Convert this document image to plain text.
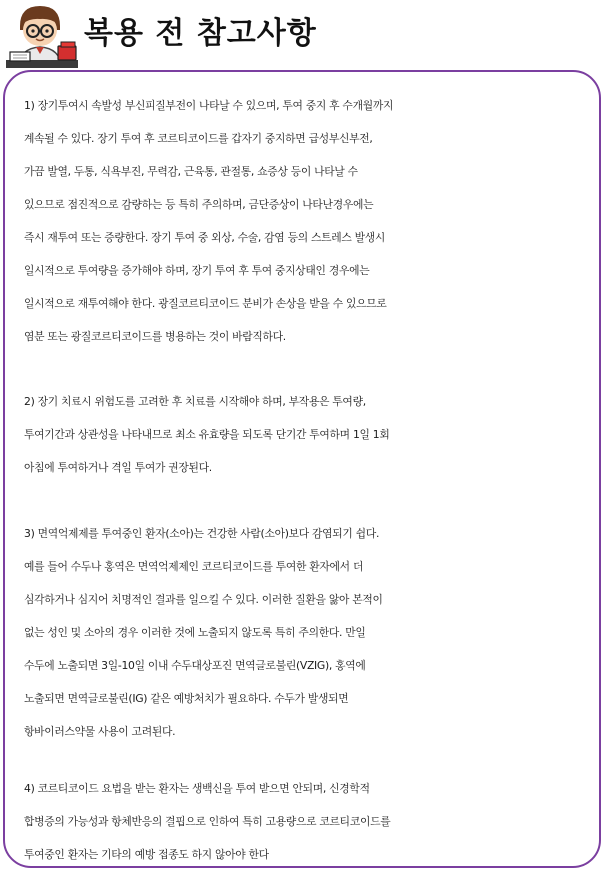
복용 전 참고사항

1) 장기투여시 속발성 부신피질부전이 나타날 수 있으며, 투여 중지 후 수개월까지
계속될 수 있다. 장기 투여 후 코르티코이드를 갑자기 중지하면 급성부신부전,
가끔 발열, 두통, 식욕부진, 무력감, 근육통, 관절통, 쇼증상 등이 나타날 수
있으므로 점진적으로 감량하는 등 특히 주의하며, 금단증상이 나타난경우에는
즉시 재투여 또는 증량한다. 장기 투여 중 외상, 수술, 감염 등의 스트레스 발생시
일시적으로 투여량을 증가해야 하며, 장기 투여 후 투여 중지상태인 경우에는
일시적으로 재투여해야 한다. 광질코르티코이드 분비가 손상을 받을 수 있으므로
염분 또는 광질코르티코이드를 병용하는 것이 바람직하다.

2) 장기 치료시 위험도를 고려한 후 치료를 시작해야 하며, 부작용은 투여량,
투여기간과 상관성을 나타내므로 최소 유효량을 되도록 단기간 투여하며 1일 1회
아침에 투여하거나 격일 투여가 권장된다.

3) 면역억제제를 투여중인 환자(소아)는 건강한 사람(소아)보다 감염되기 쉽다.
예를 들어 수두나 홍역은 면역억제제인 코르티코이드를 투여한 환자에서 더
심각하거나 심지어 치명적인 결과를 일으킬 수 있다. 이러한 질환을 앓아 본적이
없는 성인 및 소아의 경우 이러한 것에 노출되지 않도록 특히 주의한다. 만일
수두에 노출되면 3일-10일 이내 수두대상포진 면역글로불린(VZIG), 홍역에
노출되면 면역글로불린(IG) 같은 예방처치가 필요하다. 수두가 발생되면
항바이러스약물 사용이 고려된다.

4) 코르티코이드 요법을 받는 환자는 생백신을 투여 받으면 안되며, 신경학적
합병증의 가능성과 항체반응의 결핍으로 인하여 특히 고용량으로 코르티코이드를
투여중인 환자는 기타의 예방 접종도 하지 않아야 한다
